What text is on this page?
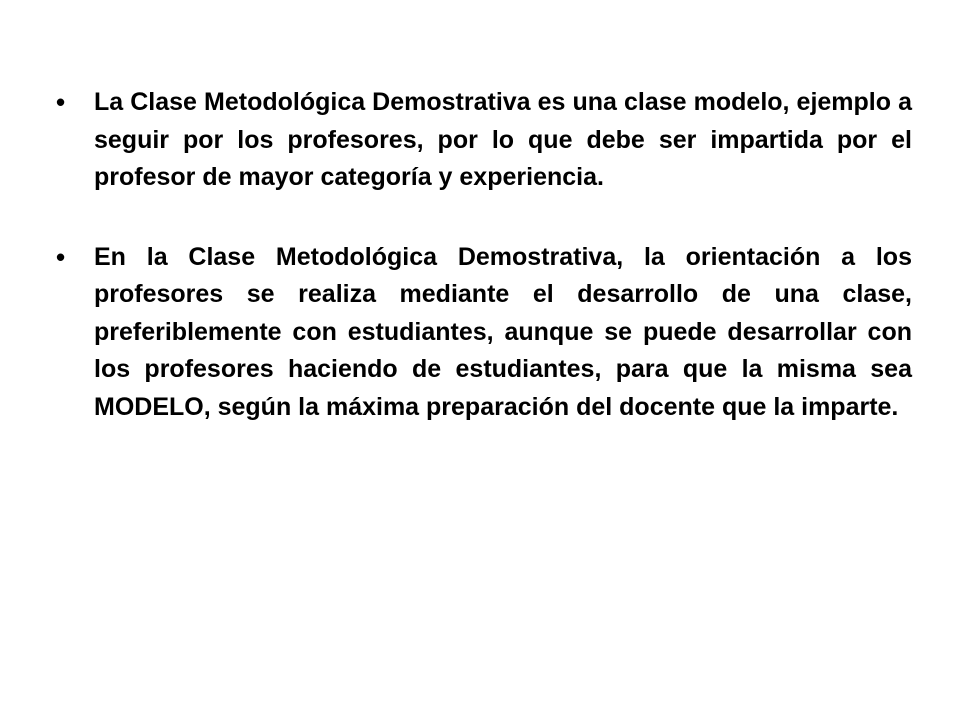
•	La Clase Metodológica Demostrativa es una clase modelo, ejemplo a seguir por los profesores, por lo que debe ser impartida por el profesor de mayor categoría y experiencia.
•	En la Clase Metodológica Demostrativa, la orientación a los profesores se realiza mediante el desarrollo de una clase, preferiblemente con estudiantes, aunque se puede desarrollar con los profesores haciendo de estudiantes, para que la misma sea MODELO, según la máxima preparación del docente que la imparte.
